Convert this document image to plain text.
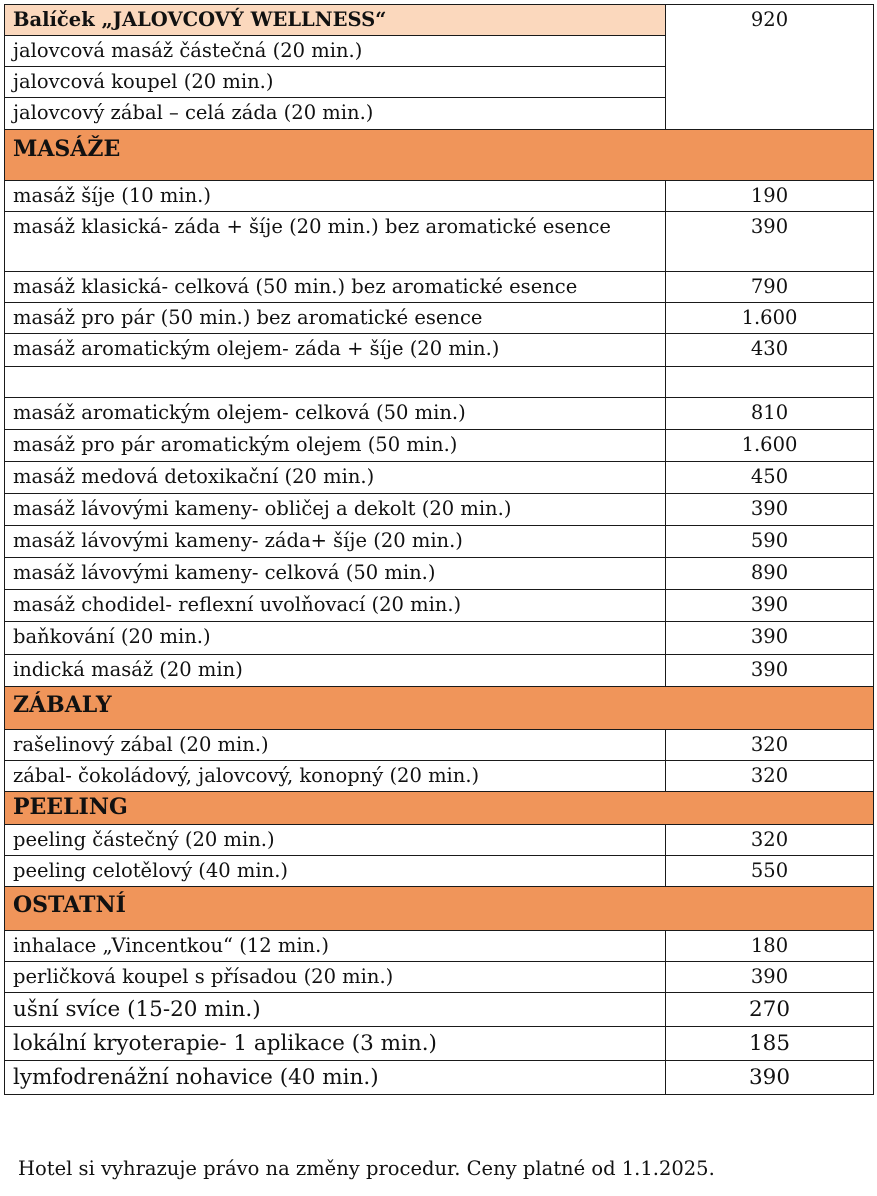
Balíček „JALOVCOVÝ WELLNESS“	920
jalovcová masáž částečná (20 min.)	
jalovcová koupel (20 min.)	
jalovcový zábal – celá záda (20 min.)	
MASÁŽE	
masáž šíje (10 min.)	190
masáž klasická- záda + šíje (20 min.) bez aromatické esence	390
masáž klasická- celková (50 min.) bez aromatické esence	790
masáž pro pár (50 min.) bez aromatické esence	1.600
masáž aromatickým olejem- záda + šíje (20 min.)	430

masáž aromatickým olejem- celková (50 min.)	810
masáž pro pár aromatickým olejem (50 min.)	1.600
masáž medová detoxikační (20 min.)	450
masáž lávovými kameny- obličej a dekolt (20 min.)	390
masáž lávovými kameny- záda+ šíje (20 min.)	590
masáž lávovými kameny- celková (50 min.)	890
masáž chodidel- reflexní uvolňovací (20 min.)	390
baňkování (20 min.)	390
indická masáž (20 min)	390
ZÁBALY	
rašelinový zábal (20 min.)	320
zábal- čokoládový, jalovcový, konopný (20 min.)	320
PEELING	
peeling částečný (20 min.)	320
peeling celotělový (40 min.)	550
OSTATNÍ	
inhalace „Vincentkou“ (12 min.)	180
perličková koupel s přísadou (20 min.)	390
ušní svíce (15-20 min.)	270
lokální kryoterapie- 1 aplikace (3 min.)	185
lymfodrenážní nohavice (40 min.)	390

Hotel si vyhrazuje právo na změny procedur. Ceny platné od 1.1.2025.
